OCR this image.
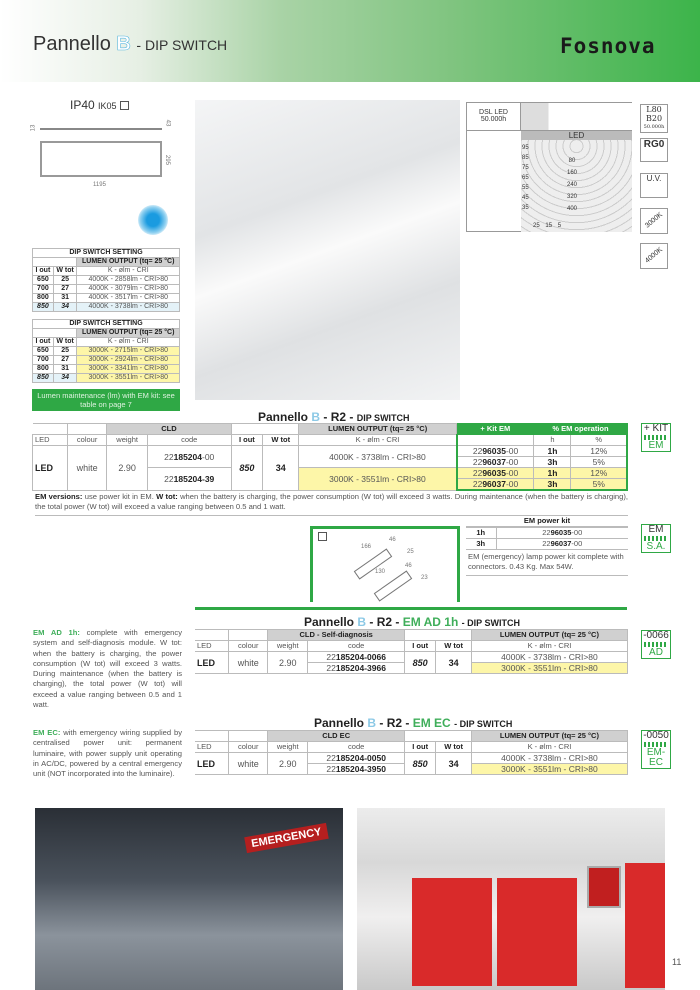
Pannello B - DIP SWITCH	Fosnova
IP40 IK05
13
43
295
1195
DSL LED
50.000h
LED
80
160
240
320
400
95
85
75
65
55
45
35
25 15 5
L80
B20
50.000h
RG0
U.V.
3000K
4000K
DIP SWITCH SETTING		
		LUMEN OUTPUT (tq= 25 °C)
I out	W tot	K - ølm - CRI
650	25	4000K - 2858lm - CRI>80
700	27	4000K - 3079lm - CRI>80
800	31	4000K - 3517lm - CRI>80
850	34	4000K - 3738lm - CRI>80
DIP SWITCH SETTING		
		LUMEN OUTPUT (tq= 25 °C)
I out	W tot	K - ølm - CRI
650	25	3000K - 2715lm - CRI>80
700	27	3000K - 2924lm - CRI>80
800	31	3000K - 3341lm - CRI>80
850	34	3000K - 3551lm - CRI>80
Lumen maintenance (lm) with EM kit: see table on page 7
Pannello B - R2 - DIP SWITCH
		CLD				LUMEN OUTPUT (tq= 25 °C)	+ Kit EM	% EM operation	
LED	colour	weight	code	I out	W tot	K - ølm - CRI		h	%
LED	white	2.90	22185204-00	850	34	4000K - 3738lm - CRI>80	2296035-00	1h	12%
							2296037-00	3h	5%
			22185204-39			3000K - 3551lm - CRI>80	2296035-00	1h	12%
							2296037-00	3h	5%
EM versions: use power kit in EM. W tot: when the battery is charging, the power consumption (W tot) will exceed 3 watts. During maintenance (when the battery is charging), the total power (W tot) will exceed a value ranging between 0.5 and 1 watt.
+ KIT
EM
166
46
25
130
46
23
EM power kit
1h	2296035-00
3h	2296037-00
EM (emergency) lamp power kit complete with connectors. 0.43 Kg. Max 54W.
EM
S.A.
EM AD 1h: complete with emergency system and self-diagnosis module. W tot: when the battery is charging, the power consumption (W tot) will exceed 3 watts. During maintenance (when the battery is charging), the total power (W tot) will exceed a value ranging between 0.5 and 1 watt.
Pannello B - R2 - EM AD 1h - DIP SWITCH
		CLD - Self-diagnosis				LUMEN OUTPUT (tq= 25 °C)
LED	colour	weight	code	I out	W tot	K - ølm - CRI
LED	white	2.90	22185204-0066	850	34	4000K - 3738lm - CRI>80
			22185204-3966			3000K - 3551lm - CRI>80
-0066
AD
EM EC: with emergency wiring supplied by centralised power unit: permanent luminaire, with power supply unit operating in AC/DC, powered by a central emergency unit (NOT incorporated into the luminaire).
Pannello B - R2 - EM EC - DIP SWITCH
		CLD EC				LUMEN OUTPUT (tq= 25 °C)
LED	colour	weight	code	I out	W tot	K - ølm - CRI
LED	white	2.90	22185204-0050	850	34	4000K - 3738lm - CRI>80
			22185204-3950			3000K - 3551lm - CRI>80
-0050
EM-EC
EMERGENCY
11
